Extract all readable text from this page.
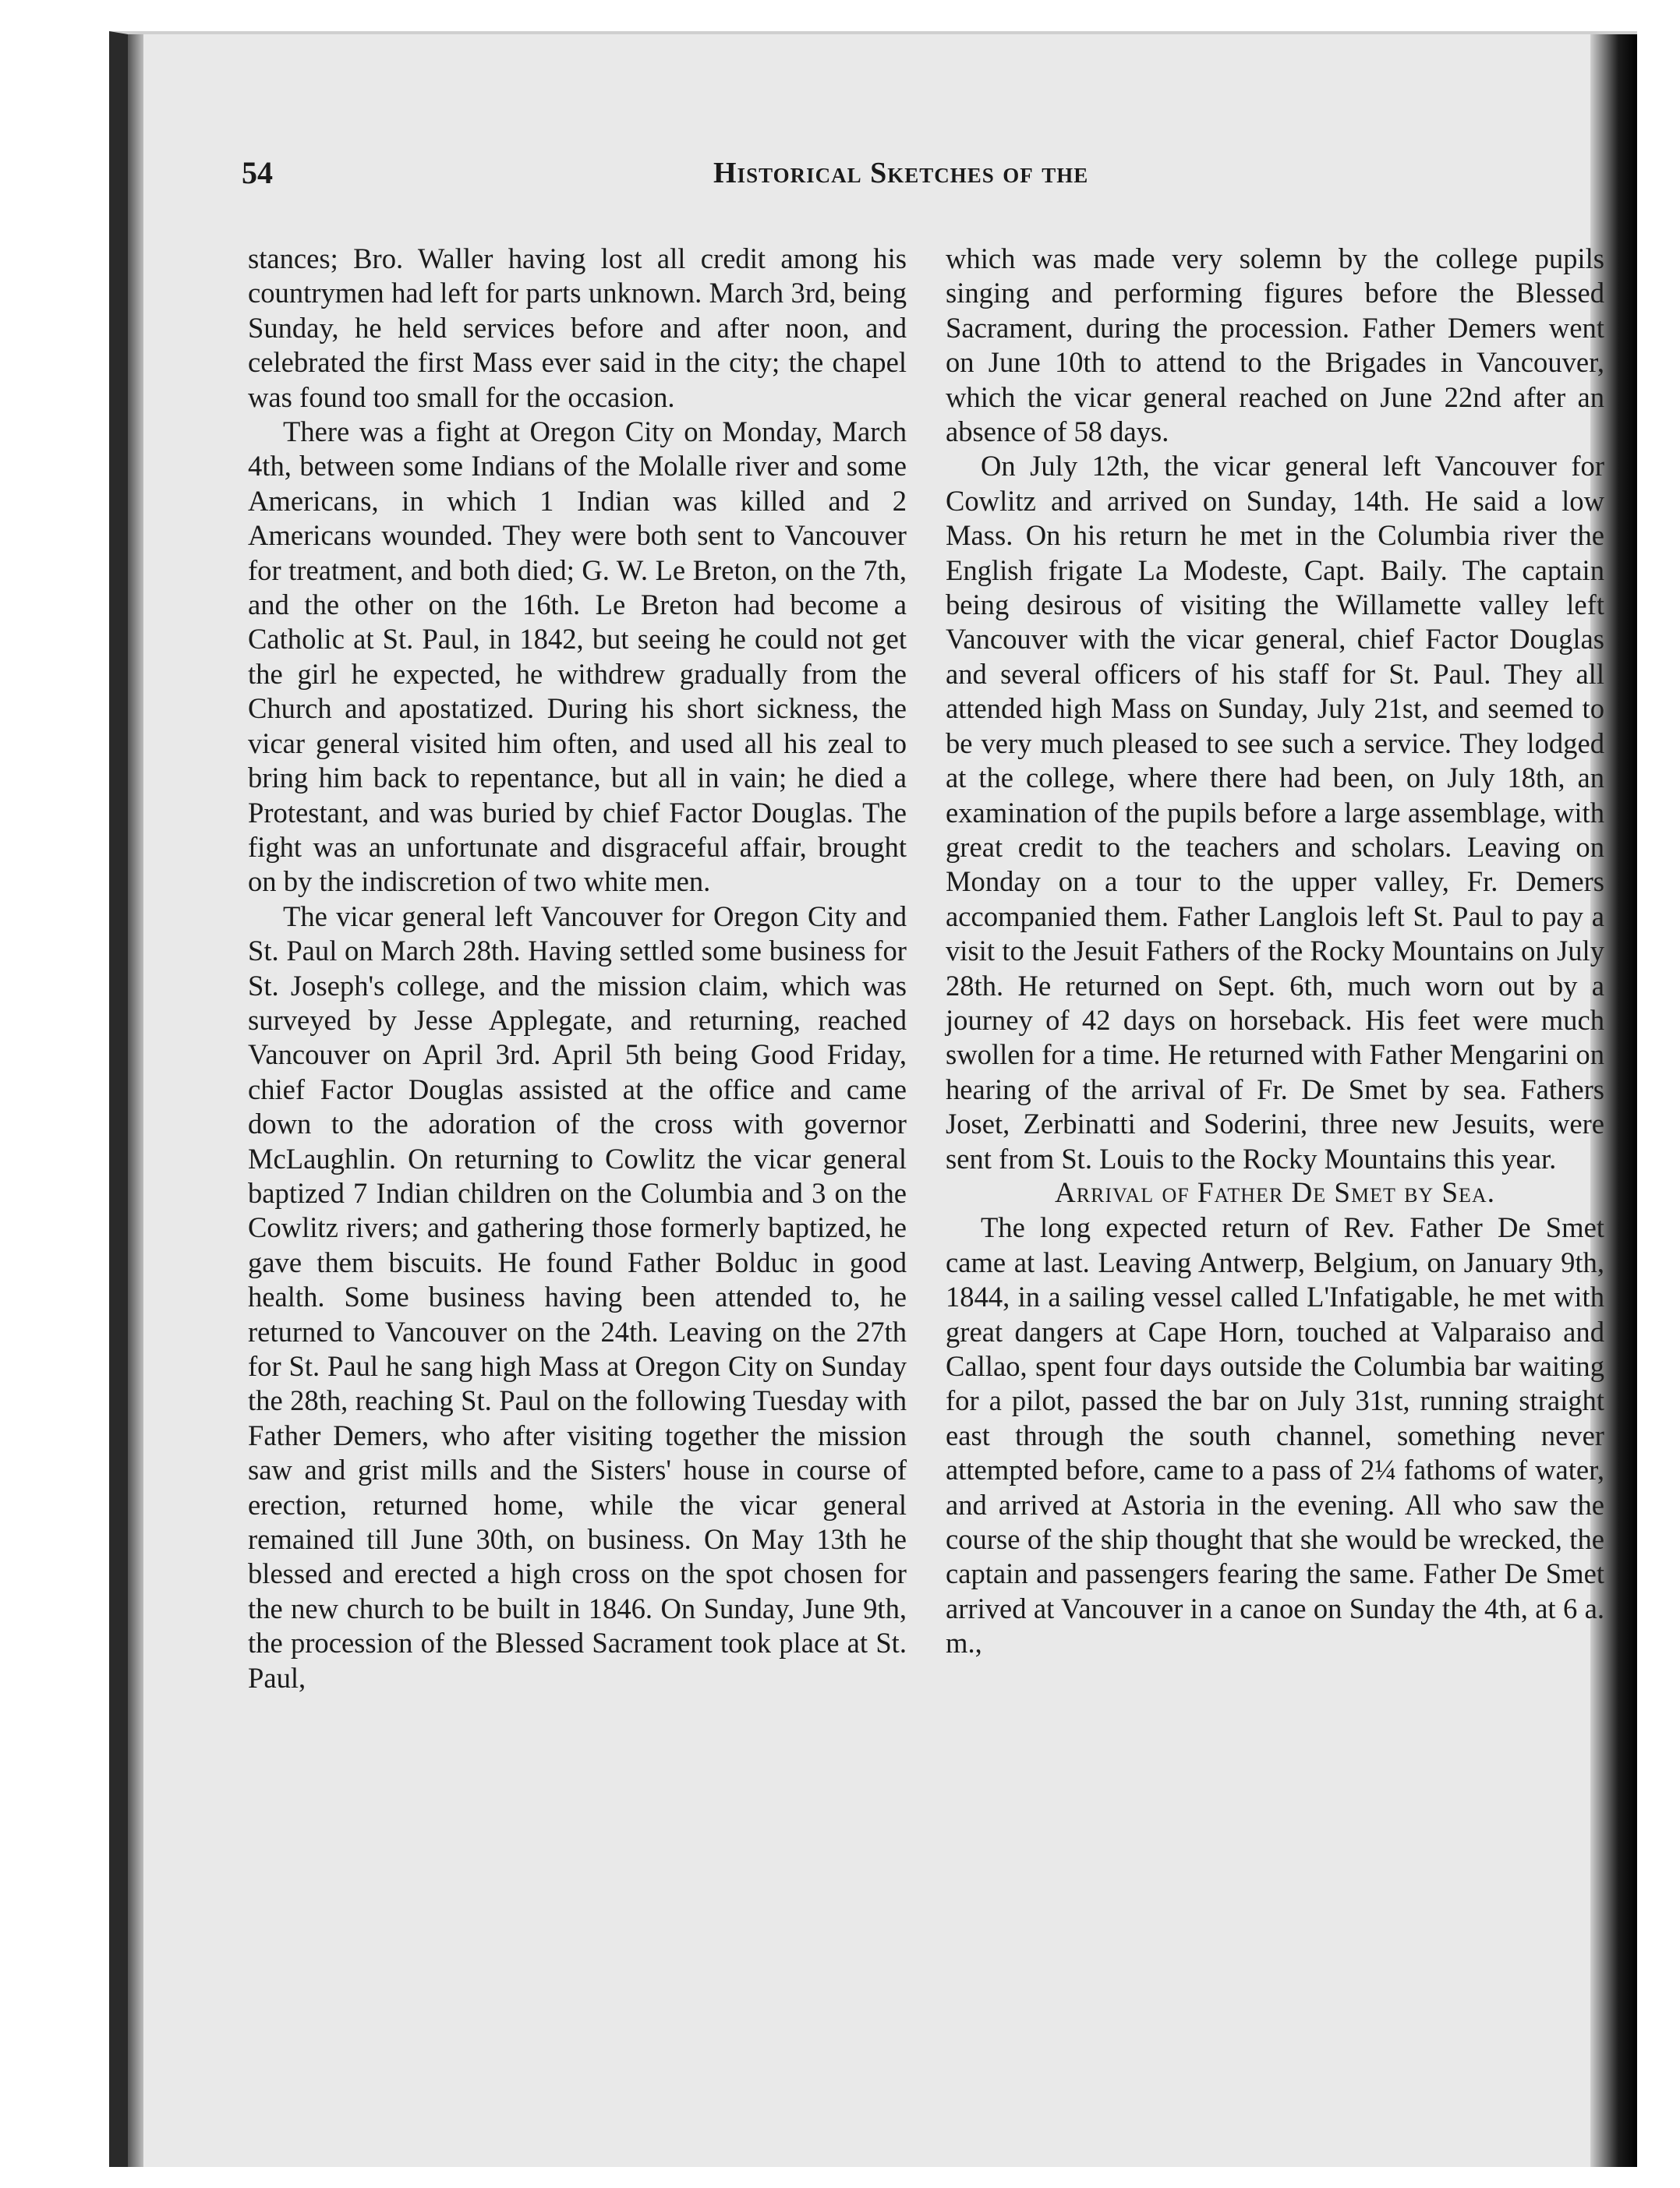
54	Historical Sketches of the

stances; Bro. Waller having lost all credit among his countrymen had left for parts unknown. March 3rd, being Sunday, he held services before and after noon, and celebrated the first Mass ever said in the city; the chapel was found too small for the occasion.

There was a fight at Oregon City on Monday, March 4th, between some Indians of the Molalle river and some Americans, in which 1 Indian was killed and 2 Americans wounded. They were both sent to Vancouver for treatment, and both died; G. W. Le Breton, on the 7th, and the other on the 16th. Le Breton had become a Catholic at St. Paul, in 1842, but seeing he could not get the girl he expected, he withdrew gradually from the Church and apostatized. During his short sickness, the vicar general visited him often, and used all his zeal to bring him back to repentance, but all in vain; he died a Protestant, and was buried by chief Factor Douglas. The fight was an unfortunate and disgraceful affair, brought on by the indiscretion of two white men.

The vicar general left Vancouver for Oregon City and St. Paul on March 28th. Having settled some business for St. Joseph's college, and the mission claim, which was surveyed by Jesse Applegate, and returning, reached Vancouver on April 3rd. April 5th being Good Friday, chief Factor Douglas assisted at the office and came down to the adoration of the cross with governor McLaughlin. On returning to Cowlitz the vicar general baptized 7 Indian children on the Columbia and 3 on the Cowlitz rivers; and gathering those formerly baptized, he gave them biscuits. He found Father Bolduc in good health. Some business having been attended to, he returned to Vancouver on the 24th. Leaving on the 27th for St. Paul he sang high Mass at Oregon City on Sunday the 28th, reaching St. Paul on the following Tuesday with Father Demers, who after visiting together the mission saw and grist mills and the Sisters' house in course of erection, returned home, while the vicar general remained till June 30th, on business. On May 13th he blessed and erected a high cross on the spot chosen for the new church to be built in 1846. On Sunday, June 9th, the procession of the Blessed Sacrament took place at St. Paul,

which was made very solemn by the college pupils singing and performing figures before the Blessed Sacrament, during the procession. Father Demers went on June 10th to attend to the Brigades in Vancouver, which the vicar general reached on June 22nd after an absence of 58 days.

On July 12th, the vicar general left Vancouver for Cowlitz and arrived on Sunday, 14th. He said a low Mass. On his return he met in the Columbia river the English frigate La Modeste, Capt. Baily. The captain being desirous of visiting the Willamette valley left Vancouver with the vicar general, chief Factor Douglas and several officers of his staff for St. Paul. They all attended high Mass on Sunday, July 21st, and seemed to be very much pleased to see such a service. They lodged at the college, where there had been, on July 18th, an examination of the pupils before a large assemblage, with great credit to the teachers and scholars. Leaving on Monday on a tour to the upper valley, Fr. Demers accompanied them. Father Langlois left St. Paul to pay a visit to the Jesuit Fathers of the Rocky Mountains on July 28th. He returned on Sept. 6th, much worn out by a journey of 42 days on horseback. His feet were much swollen for a time. He returned with Father Mengarini on hearing of the arrival of Fr. De Smet by sea. Fathers Joset, Zerbinatti and Soderini, three new Jesuits, were sent from St. Louis to the Rocky Mountains this year.

Arrival of Father De Smet by Sea.

The long expected return of Rev. Father De Smet came at last. Leaving Antwerp, Belgium, on January 9th, 1844, in a sailing vessel called L'Infatigable, he met with great dangers at Cape Horn, touched at Valparaiso and Callao, spent four days outside the Columbia bar waiting for a pilot, passed the bar on July 31st, running straight east through the south channel, something never attempted before, came to a pass of 2¼ fathoms of water, and arrived at Astoria in the evening. All who saw the course of the ship thought that she would be wrecked, the captain and passengers fearing the same. Father De Smet arrived at Vancouver in a canoe on Sunday the 4th, at 6 a. m.,
